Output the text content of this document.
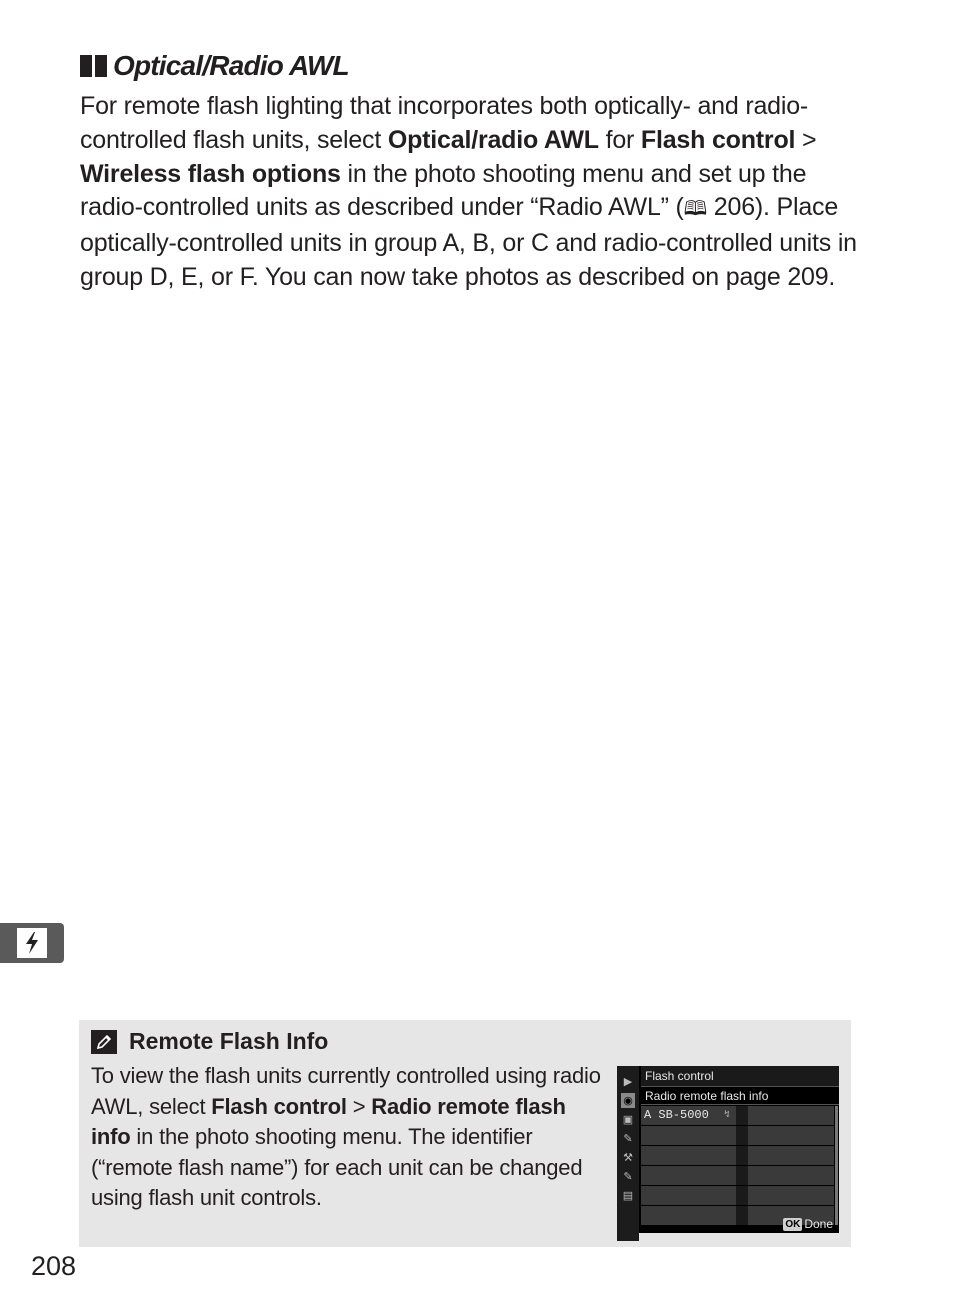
Optical/Radio AWL

For remote flash lighting that incorporates both optically- and radio-controlled flash units, select Optical/radio AWL for Flash control > Wireless flash options in the photo shooting menu and set up the radio-controlled units as described under “Radio AWL” (🕮 206). Place optically-controlled units in group A, B, or C and radio-controlled units in group D, E, or F. You can now take photos as described on page 209.

Remote Flash Info

To view the flash units currently controlled using radio AWL, select Flash control > Radio remote flash info in the photo shooting menu. The identifier (“remote flash name”) for each unit can be changed using flash unit controls.

▶
◉
▣
✎
⚒
✎
▤
Flash control
Radio remote flash info
A SB-5000 ↯
OK Done
208
